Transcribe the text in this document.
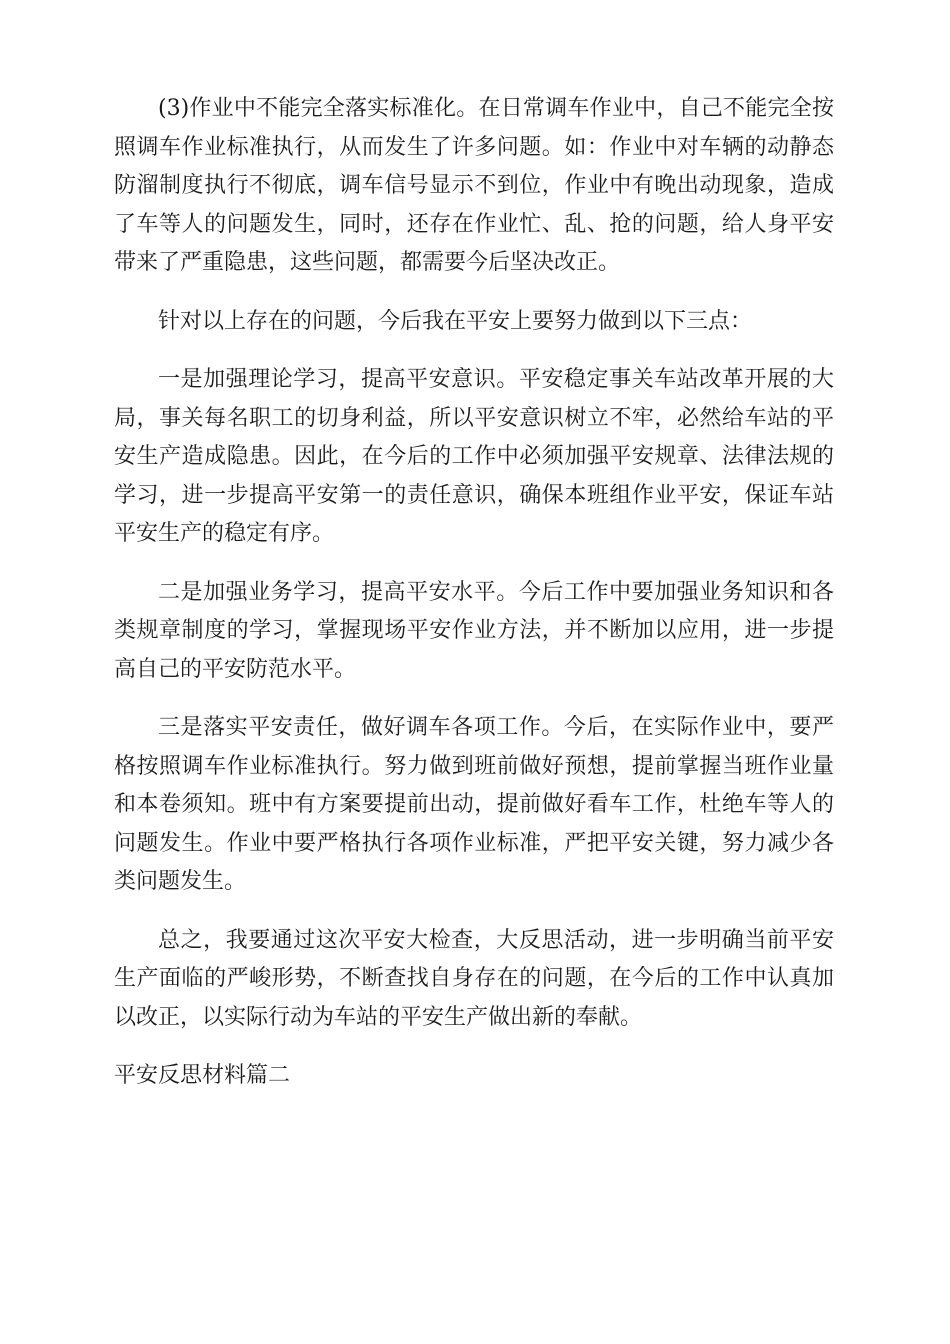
(3)作业中不能完全落实标准化。在日常调车作业中，自己不能完全按照调车作业标准执行，从而发生了许多问题。如：作业中对车辆的动静态防溜制度执行不彻底，调车信号显示不到位，作业中有晚出动现象，造成了车等人的问题发生，同时，还存在作业忙、乱、抢的问题，给人身平安带来了严重隐患，这些问题，都需要今后坚决改正。

针对以上存在的问题，今后我在平安上要努力做到以下三点：

一是加强理论学习，提高平安意识。平安稳定事关车站改革开展的大局，事关每名职工的切身利益，所以平安意识树立不牢，必然给车站的平安生产造成隐患。因此，在今后的工作中必须加强平安规章、法律法规的学习，进一步提高平安第一的责任意识，确保本班组作业平安，保证车站平安生产的稳定有序。

二是加强业务学习，提高平安水平。今后工作中要加强业务知识和各类规章制度的学习，掌握现场平安作业方法，并不断加以应用，进一步提高自己的平安防范水平。

三是落实平安责任，做好调车各项工作。今后，在实际作业中，要严格按照调车作业标准执行。努力做到班前做好预想，提前掌握当班作业量和本卷须知。班中有方案要提前出动，提前做好看车工作，杜绝车等人的问题发生。作业中要严格执行各项作业标准，严把平安关键，努力减少各类问题发生。

总之，我要通过这次平安大检查，大反思活动，进一步明确当前平安生产面临的严峻形势，不断查找自身存在的问题，在今后的工作中认真加以改正，以实际行动为车站的平安生产做出新的奉献。

平安反思材料篇二
